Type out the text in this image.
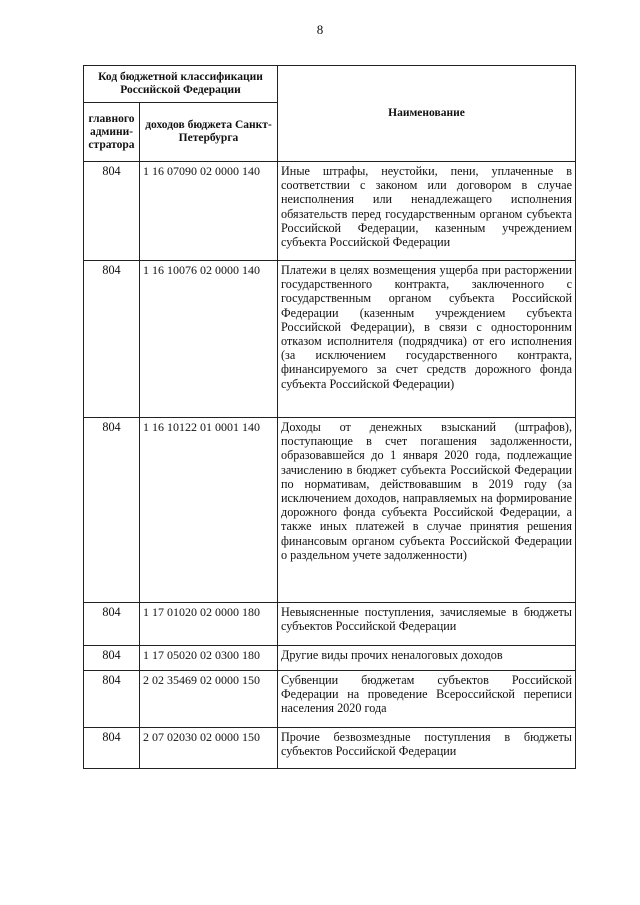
8
Код бюджетной классификации Российской Федерации		Наименование
главного админи-стратора	доходов бюджета Санкт-Петербурга	
804	1 16 07090 02 0000 140	Иные штрафы, неустойки, пени, уплаченные в соответствии с законом или договором в случае неисполнения или ненадлежащего исполнения обязательств перед государственным органом субъекта Российской Федерации, казенным учреждением субъекта Российской Федерации
804	1 16 10076 02 0000 140	Платежи в целях возмещения ущерба при расторжении государственного контракта, заключенного с государственным органом субъекта Российской Федерации (казенным учреждением субъекта Российской Федерации), в связи с односторонним отказом исполнителя (подрядчика) от его исполнения (за исключением государственного контракта, финансируемого за счет средств дорожного фонда субъекта Российской Федерации)
804	1 16 10122 01 0001 140	Доходы от денежных взысканий (штрафов), поступающие в счет погашения задолженности, образовавшейся до 1 января 2020 года, подлежащие зачислению в бюджет субъекта Российской Федерации по нормативам, действовавшим в 2019 году (за исключением доходов, направляемых на формирование дорожного фонда субъекта Российской Федерации, а также иных платежей в случае принятия решения финансовым органом субъекта Российской Федерации о раздельном учете задолженности)
804	1 17 01020 02 0000 180	Невыясненные поступления, зачисляемые в бюджеты субъектов Российской Федерации
804	1 17 05020 02 0300 180	Другие виды прочих неналоговых доходов
804	2 02 35469 02 0000 150	Субвенции бюджетам субъектов Российской Федерации на проведение Всероссийской переписи населения 2020 года
804	2 07 02030 02 0000 150	Прочие безвозмездные поступления в бюджеты субъектов Российской Федерации
